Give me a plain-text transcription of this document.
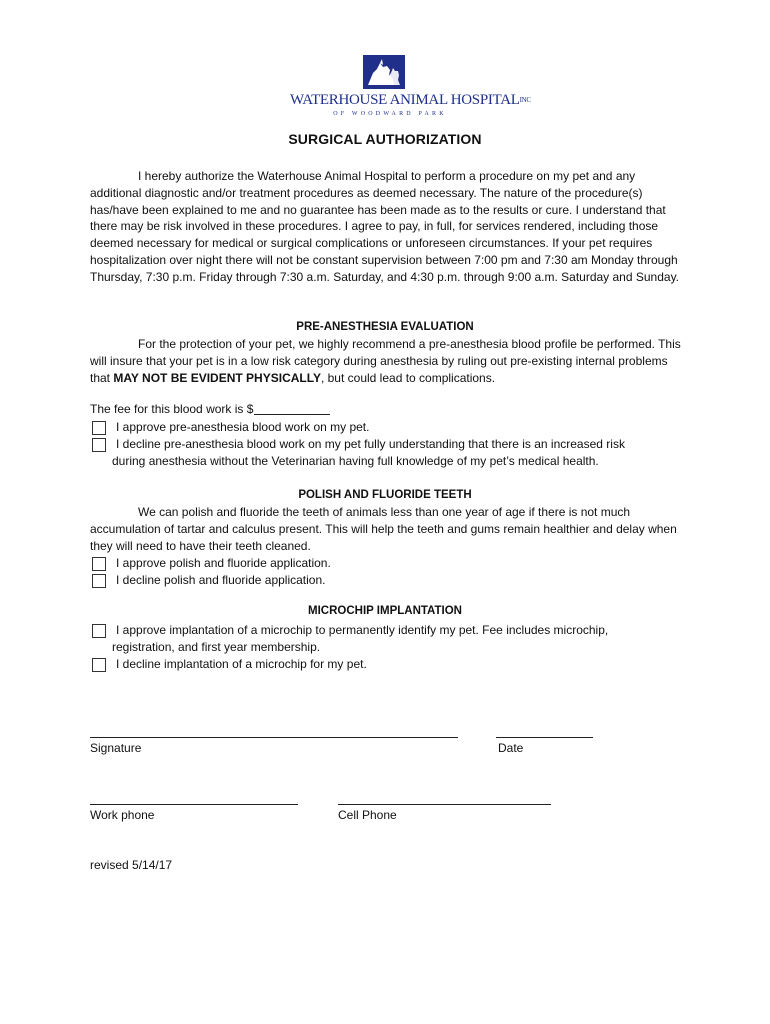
WATERHOUSE ANIMAL $HOSPITAL^{INC}$
OF WOODWARD PARK
SURGICAL AUTHORIZATION

I hereby authorize the Waterhouse Animal Hospital to perform a procedure on my pet and any additional diagnostic and/or treatment procedures as deemed necessary. The nature of the procedure(s) has/have been explained to me and no guarantee has been made as to the results or cure. I understand that there may be risk involved in these procedures. I agree to pay, in full, for services rendered, including those deemed necessary for medical or surgical complications or unforeseen circumstances. If your pet requires hospitalization over night there will not be constant supervision between 7:00 pm and 7:30 am Monday through Thursday, 7:30 p.m. Friday through 7:30 a.m. Saturday, and 4:30 p.m. through 9:00 a.m. Saturday and Sunday.

PRE-ANESTHESIA EVALUATION

For the protection of your pet, we highly recommend a pre-anesthesia blood profile be performed. This will insure that your pet is in a low risk category during anesthesia by ruling out pre-existing internal problems that MAY NOT BE EVIDENT PHYSICALLY, but could lead to complications.

The fee for this blood work is $
I approve pre-anesthesia blood work on my pet.
I decline pre-anesthesia blood work on my pet fully understanding that there is an increased risk
during anesthesia without the Veterinarian having full knowledge of my pet’s medical health.
POLISH AND FLUORIDE TEETH

We can polish and fluoride the teeth of animals less than one year of age if there is not much accumulation of tartar and calculus present. This will help the teeth and gums remain healthier and delay when they will need to have their teeth cleaned.

I approve polish and fluoride application.
I decline polish and fluoride application.
MICROCHIP IMPLANTATION
I approve implantation of a microchip to permanently identify my pet. Fee includes microchip,
registration, and first year membership.
I decline implantation of a microchip for my pet.
Signature	Date
Work phone	Cell Phone
revised 5/14/17
